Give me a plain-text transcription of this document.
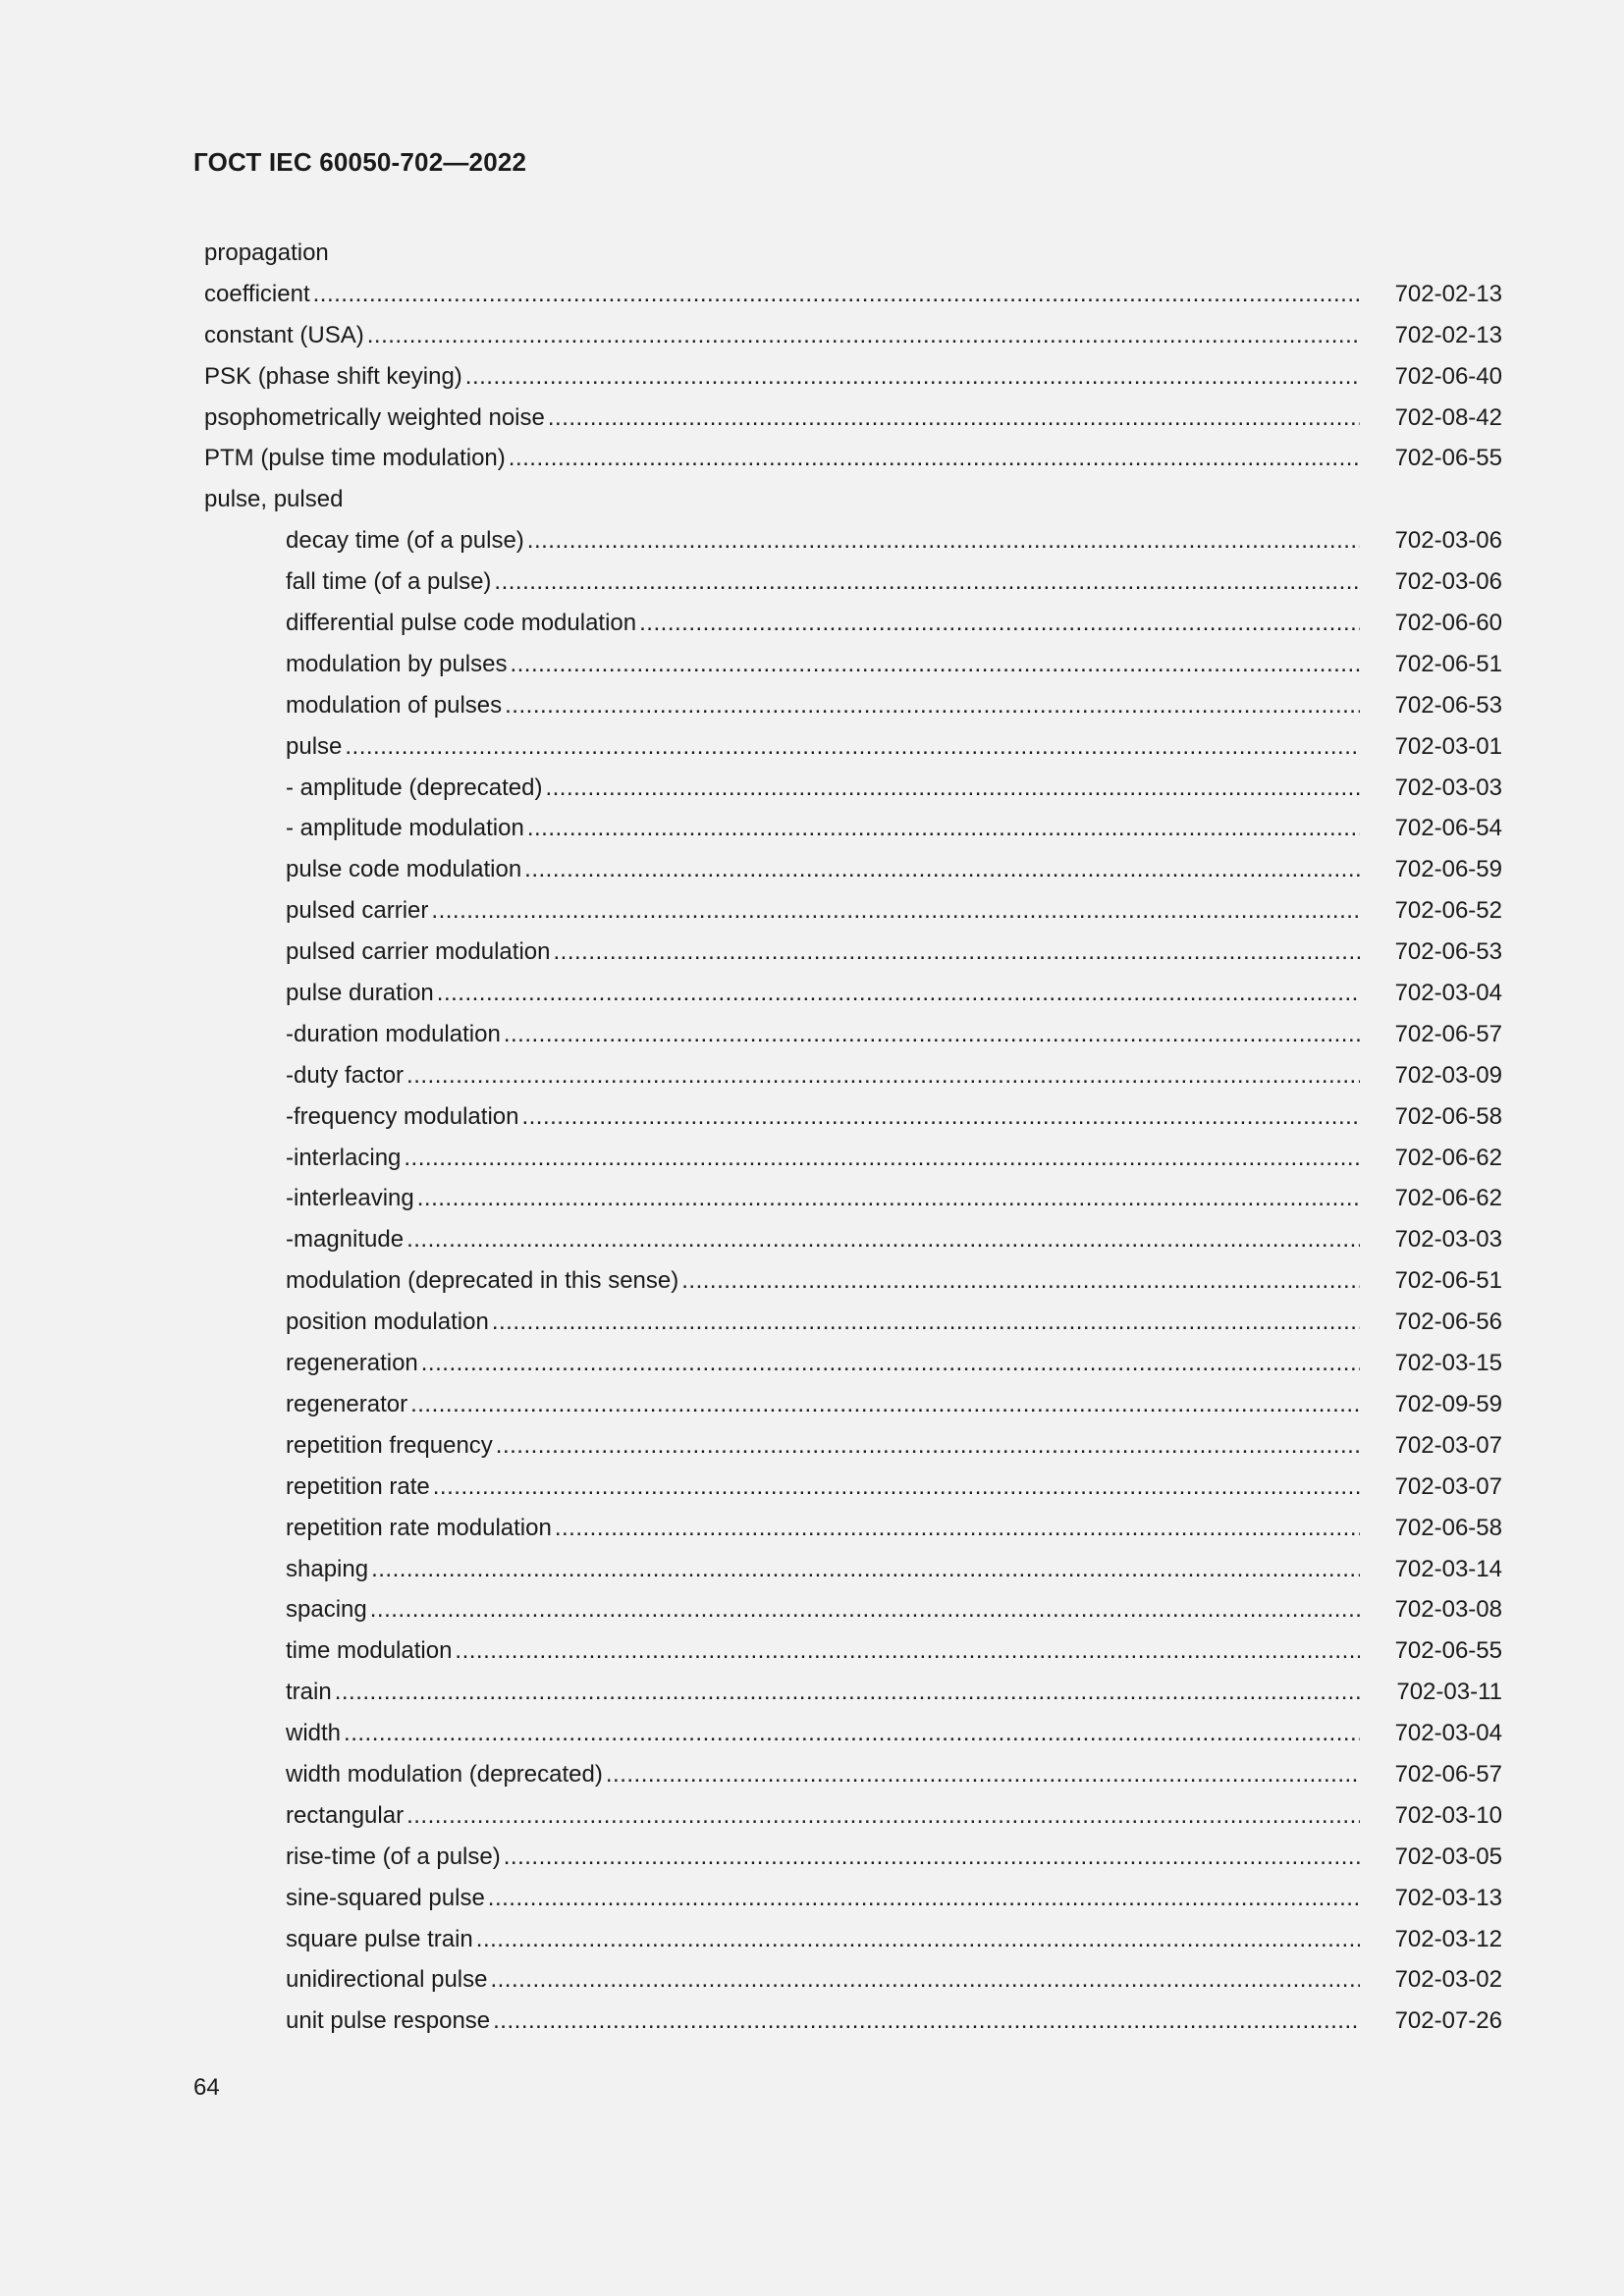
ГОСТ IEC 60050-702—2022
propagation
coefficient .....	702-02-13
constant (USA) .....	702-02-13
PSK (phase shift keying) .....	702-06-40
psophometrically weighted noise .....	702-08-42
PTM (pulse time modulation) .....	702-06-55
pulse, pulsed
decay time (of a pulse) .....	702-03-06
fall time (of a pulse) .....	702-03-06
differential pulse code modulation .....	702-06-60
modulation by pulses .....	702-06-51
modulation of pulses .....	702-06-53
pulse .....	702-03-01
- amplitude (deprecated) .....	702-03-03
- amplitude modulation .....	702-06-54
pulse code modulation .....	702-06-59
pulsed carrier .....	702-06-52
pulsed carrier modulation .....	702-06-53
pulse duration .....	702-03-04
-duration modulation .....	702-06-57
-duty factor .....	702-03-09
-frequency modulation .....	702-06-58
-interlacing .....	702-06-62
-interleaving .....	702-06-62
-magnitude .....	702-03-03
modulation (deprecated in this sense) .....	702-06-51
position modulation .....	702-06-56
regeneration .....	702-03-15
regenerator .....	702-09-59
repetition frequency .....	702-03-07
repetition rate .....	702-03-07
repetition rate modulation .....	702-06-58
shaping .....	702-03-14
spacing .....	702-03-08
time modulation .....	702-06-55
train .....	702-03-11
width .....	702-03-04
width modulation (deprecated) .....	702-06-57
rectangular .....	702-03-10
rise-time (of a pulse) .....	702-03-05
sine-squared pulse .....	702-03-13
square pulse train .....	702-03-12
unidirectional pulse .....	702-03-02
unit pulse response .....	702-07-26
64
